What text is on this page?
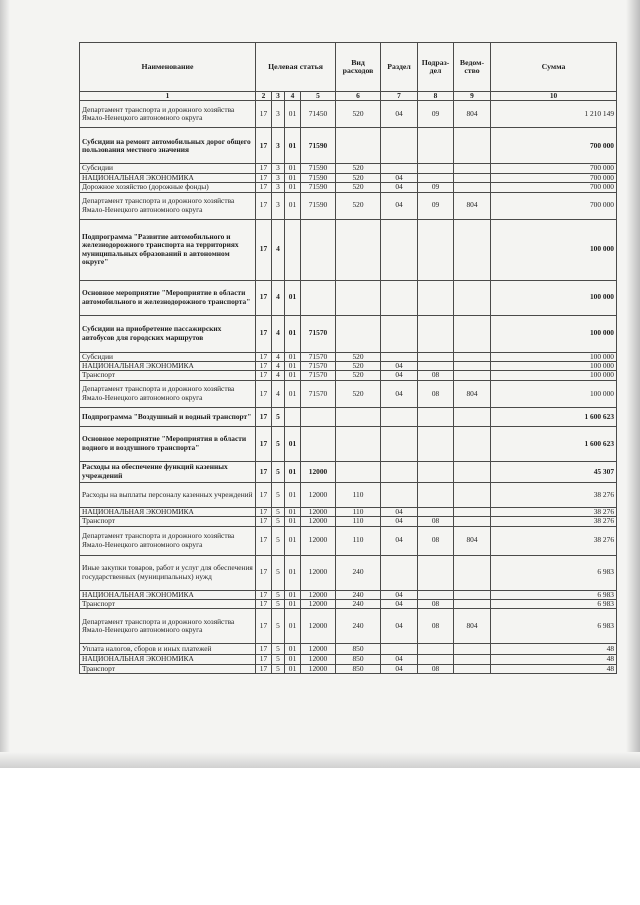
Наименование	Целевая статья				Вид расходов	Раздел	Подраз-дел	Ведом-ство	Сумма
1	2	3	4	5	6	7	8	9	10
Департамент транспорта и дорожного хозяйства Ямало-Ненецкого автономного округа	17	3	01	71450	520	04	09	804	1 210 149
Субсидии на ремонт автомобильных дорог общего пользования местного значения	17	3	01	71590					700 000
Субсидии	17	3	01	71590	520				700 000
НАЦИОНАЛЬНАЯ ЭКОНОМИКА	17	3	01	71590	520	04			700 000
Дорожное хозяйство (дорожные фонды)	17	3	01	71590	520	04	09		700 000
Департамент транспорта и дорожного хозяйства Ямало-Ненецкого автономного округа	17	3	01	71590	520	04	09	804	700 000
Подпрограмма "Развитие автомобильного и железнодорожного транспорта на территориях муниципальных образований в автономном округе"	17	4							100 000
Основное мероприятие "Мероприятие в области автомобильного и железнодорожного транспорта"	17	4	01						100 000
Субсидии на приобретение пассажирских автобусов для городских маршрутов	17	4	01	71570					100 000
Субсидии	17	4	01	71570	520				100 000
НАЦИОНАЛЬНАЯ ЭКОНОМИКА	17	4	01	71570	520	04			100 000
Транспорт	17	4	01	71570	520	04	08		100 000
Департамент транспорта и дорожного хозяйства Ямало-Ненецкого автономного округа	17	4	01	71570	520	04	08	804	100 000
Подпрограмма "Воздушный и водный транспорт"	17	5							1 600 623
Основное мероприятие "Мероприятия в области водного и воздушного транспорта"	17	5	01						1 600 623
Расходы на обеспечение функций казенных учреждений	17	5	01	12000					45 307
Расходы на выплаты персоналу казенных учреждений	17	5	01	12000	110				38 276
НАЦИОНАЛЬНАЯ ЭКОНОМИКА	17	5	01	12000	110	04			38 276
Транспорт	17	5	01	12000	110	04	08		38 276
Департамент транспорта и дорожного хозяйства Ямало-Ненецкого автономного округа	17	5	01	12000	110	04	08	804	38 276
Иные закупки товаров, работ и услуг для обеспечения государственных (муниципальных) нужд	17	5	01	12000	240				6 983
НАЦИОНАЛЬНАЯ ЭКОНОМИКА	17	5	01	12000	240	04			6 983
Транспорт	17	5	01	12000	240	04	08		6 983
Департамент транспорта и дорожного хозяйства Ямало-Ненецкого автономного округа	17	5	01	12000	240	04	08	804	6 983
Уплата налогов, сборов и иных платежей	17	5	01	12000	850				48
НАЦИОНАЛЬНАЯ ЭКОНОМИКА	17	5	01	12000	850	04			48
Транспорт	17	5	01	12000	850	04	08		48
